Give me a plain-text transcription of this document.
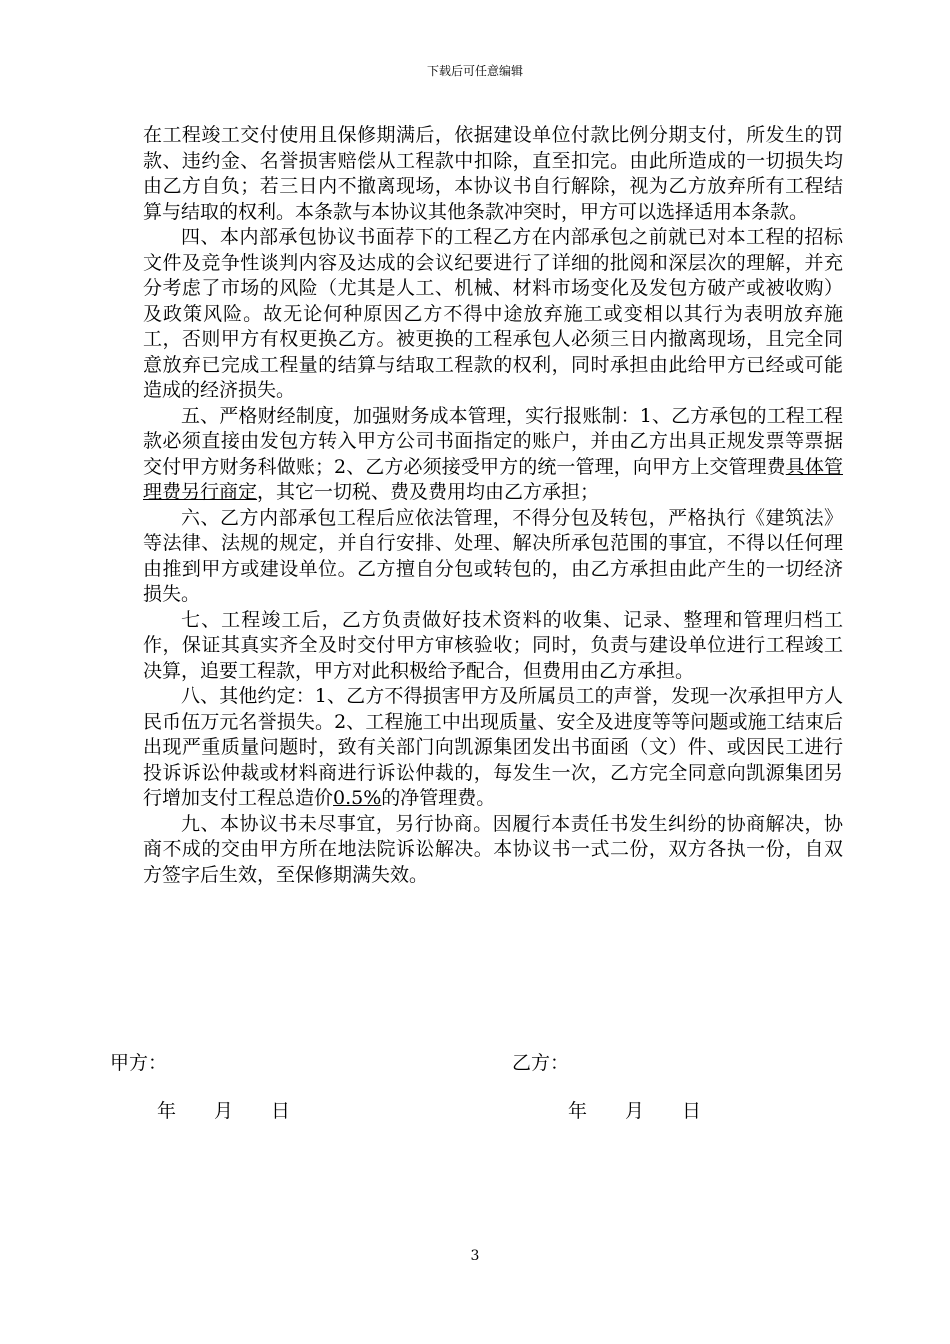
下载后可任意编辑

在工程竣工交付使用且保修期满后，依据建设单位付款比例分期支付，所发生的罚款、违约金、名誉损害赔偿从工程款中扣除，直至扣完。由此所造成的一切损失均由乙方自负；若三日内不撤离现场，本协议书自行解除，视为乙方放弃所有工程结算与结取的权利。本条款与本协议其他条款冲突时，甲方可以选择适用本条款。

四、本内部承包协议书面荐下的工程乙方在内部承包之前就已对本工程的招标文件及竞争性谈判内容及达成的会议纪要进行了详细的批阅和深层次的理解，并充分考虑了市场的风险（尤其是人工、机械、材料市场变化及发包方破产或被收购）及政策风险。故无论何种原因乙方不得中途放弃施工或变相以其行为表明放弃施工，否则甲方有权更换乙方。被更换的工程承包人必须三日内撤离现场，且完全同意放弃已完成工程量的结算与结取工程款的权利，同时承担由此给甲方已经或可能造成的经济损失。

五、严格财经制度，加强财务成本管理，实行报账制：1、乙方承包的工程工程款必须直接由发包方转入甲方公司书面指定的账户，并由乙方出具正规发票等票据交付甲方财务科做账；2、乙方必须接受甲方的统一管理，向甲方上交管理费具体管理费另行商定，其它一切税、费及费用均由乙方承担；

六、乙方内部承包工程后应依法管理，不得分包及转包，严格执行《建筑法》等法律、法规的规定，并自行安排、处理、解决所承包范围的事宜，不得以任何理由推到甲方或建设单位。乙方擅自分包或转包的，由乙方承担由此产生的一切经济损失。

七、工程竣工后，乙方负责做好技术资料的收集、记录、整理和管理归档工作，保证其真实齐全及时交付甲方审核验收；同时，负责与建设单位进行工程竣工决算，追要工程款，甲方对此积极给予配合，但费用由乙方承担。

八、其他约定：1、乙方不得损害甲方及所属员工的声誉，发现一次承担甲方人民币伍万元名誉损失。2、工程施工中出现质量、安全及进度等等问题或施工结束后出现严重质量问题时，致有关部门向凯源集团发出书面函（文）件、或因民工进行投诉诉讼仲裁或材料商进行诉讼仲裁的，每发生一次，乙方完全同意向凯源集团另行增加支付工程总造价0.5%的净管理费。

九、本协议书未尽事宜，另行协商。因履行本责任书发生纠纷的协商解决，协商不成的交由甲方所在地法院诉讼解决。本协议书一式二份，双方各执一份，自双方签字后生效，至保修期满失效。

甲方：	乙方：
年　　月　　日	年　　月　　日
3
